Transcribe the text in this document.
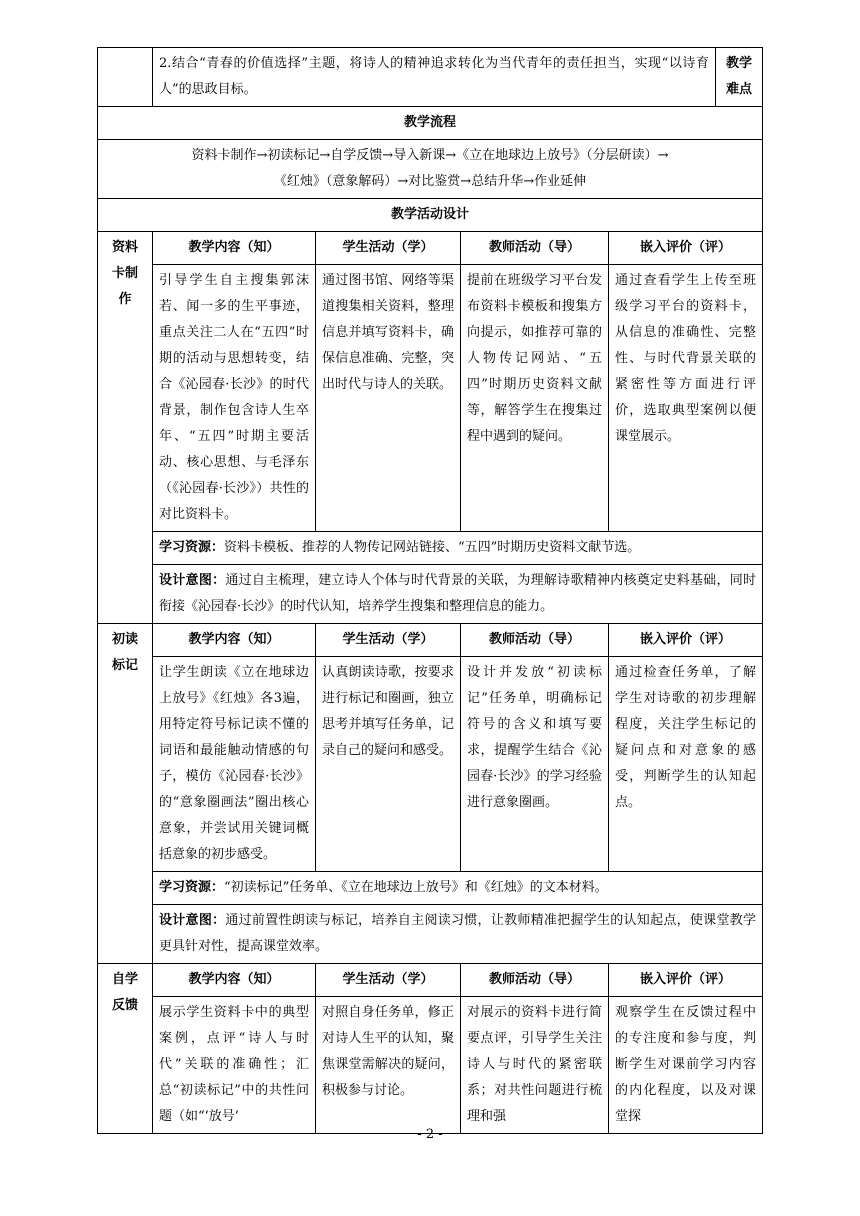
	2.结合“青春的价值选择”主题，将诗人的精神追求转化为当代青年的责任担当，实现“以诗育人”的思政目标。				教学
难点
教学流程					

资料卡制作→初读标记→自学反馈→导入新课→《立在地球边上放号》（分层研读）→
《红烛》（意象解码）→对比鉴赏→总结升华→作业延伸					

教学活动设计					
资料
卡制
作	教学内容（知）	学生活动（学）	教师活动（导）	嵌入评价（评）	
	引导学生自主搜集郭沫若、闻一多的生平事迹，重点关注二人在“五四”时期的活动与思想转变，结合《沁园春·长沙》的时代背景，制作包含诗人生卒年、“五四”时期主要活动、核心思想、与毛泽东（《沁园春·长沙》）共性的对比资料卡。	通过图书馆、网络等渠道搜集相关资料，整理信息并填写资料卡，确保信息准确、完整，突出时代与诗人的关联。	提前在班级学习平台发布资料卡模板和搜集方向提示，如推荐可靠的人物传记网站、“五四”时期历史资料文献等，解答学生在搜集过程中遇到的疑问。	通过查看学生上传至班级学习平台的资料卡，从信息的准确性、完整性、与时代背景关联的紧密性等方面进行评价，选取典型案例以便课堂展示。	
	学习资源：资料卡模板、推荐的人物传记网站链接、“五四”时期历史资料文献节选。				
	设计意图：通过自主梳理，建立诗人个体与时代背景的关联，为理解诗歌精神内核奠定史料基础，同时衔接《沁园春·长沙》的时代认知，培养学生搜集和整理信息的能力。				
初读
标记	教学内容（知）	学生活动（学）	教师活动（导）	嵌入评价（评）	
	让学生朗读《立在地球边上放号》《红烛》各3遍，用特定符号标记读不懂的词语和最能触动情感的句子，模仿《沁园春·长沙》的“意象圈画法”圈出核心意象，并尝试用关键词概括意象的初步感受。	认真朗读诗歌，按要求进行标记和圈画，独立思考并填写任务单，记录自己的疑问和感受。	设计并发放“初读标记”任务单，明确标记符号的含义和填写要求，提醒学生结合《沁园春·长沙》的学习经验进行意象圈画。	通过检查任务单，了解学生对诗歌的初步理解程度，关注学生标记的疑问点和对意象的感受，判断学生的认知起点。	
	学习资源：“初读标记”任务单、《立在地球边上放号》和《红烛》的文本材料。				
	设计意图：通过前置性朗读与标记，培养自主阅读习惯，让教师精准把握学生的认知起点，使课堂教学更具针对性，提高课堂效率。				
自学
反馈	教学内容（知）	学生活动（学）	教师活动（导）	嵌入评价（评）	
	展示学生资料卡中的典型案例，点评“诗人与时代”关联的准确性；汇总“初读标记”中的共性问题（如“‘放号’	对照自身任务单，修正对诗人生平的认知，聚焦课堂需解决的疑问，积极参与讨论。	对展示的资料卡进行简要点评，引导学生关注诗人与时代的紧密联系；对共性问题进行梳理和强	观察学生在反馈过程中的专注度和参与度，判断学生对课前学习内容的内化程度，以及对课堂探	
- 2 -
